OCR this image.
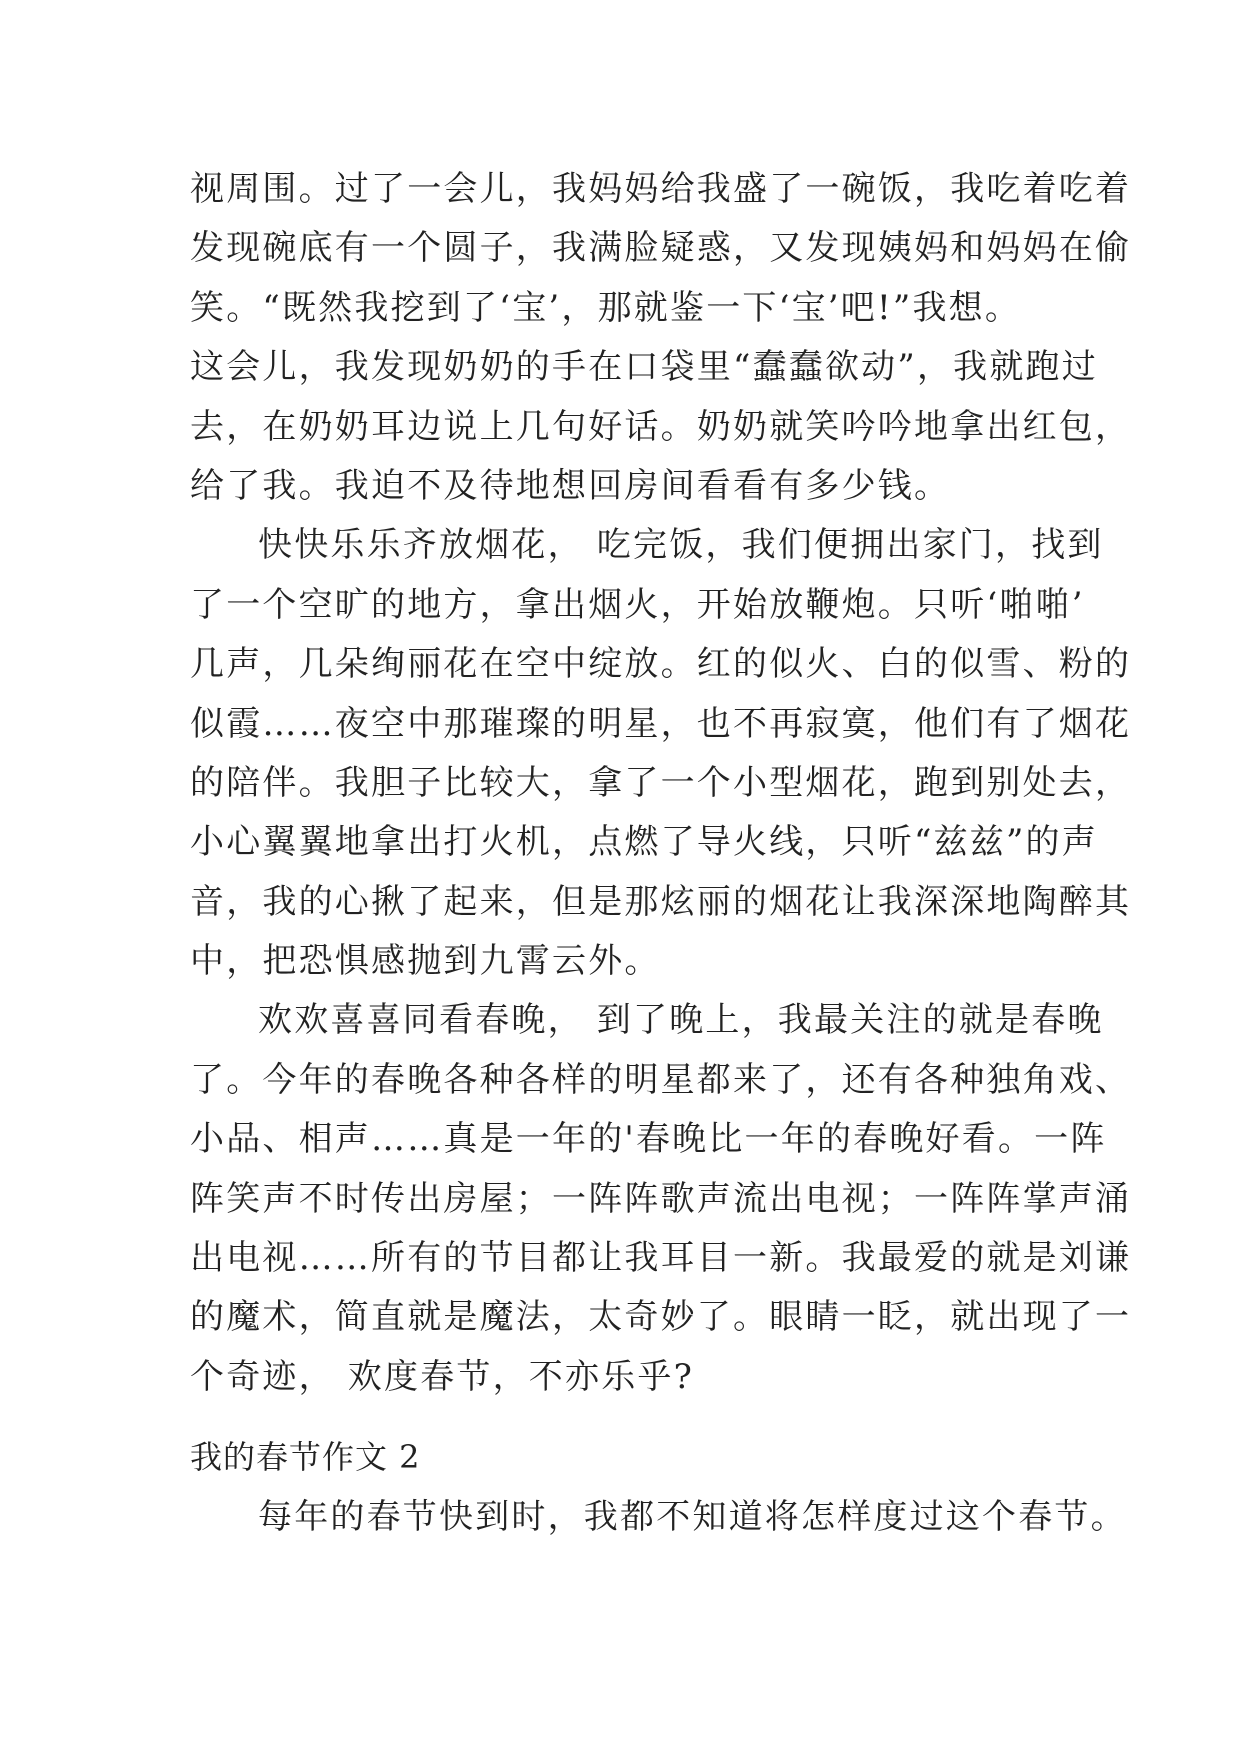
视周围。过了一会儿，我妈妈给我盛了一碗饭，我吃着吃着
发现碗底有一个圆子，我满脸疑惑，又发现姨妈和妈妈在偷
笑。“既然我挖到了‘宝’，那就鉴一下‘宝’吧!”我想。
这会儿，我发现奶奶的手在口袋里“蠢蠢欲动”，我就跑过
去，在奶奶耳边说上几句好话。奶奶就笑吟吟地拿出红包，
给了我。我迫不及待地想回房间看看有多少钱。
快快乐乐齐放烟花， 吃完饭，我们便拥出家门，找到
了一个空旷的地方，拿出烟火，开始放鞭炮。只听‘啪啪’
几声，几朵绚丽花在空中绽放。红的似火、白的似雪、粉的
似霞……夜空中那璀璨的明星，也不再寂寞，他们有了烟花
的陪伴。我胆子比较大，拿了一个小型烟花，跑到别处去，
小心翼翼地拿出打火机，点燃了导火线，只听“兹兹”的声
音，我的心揪了起来，但是那炫丽的烟花让我深深地陶醉其
中，把恐惧感抛到九霄云外。
欢欢喜喜同看春晚， 到了晚上，我最关注的就是春晚
了。今年的春晚各种各样的明星都来了，还有各种独角戏、
小品、相声……真是一年的'春晚比一年的春晚好看。一阵
阵笑声不时传出房屋；一阵阵歌声流出电视；一阵阵掌声涌
出电视……所有的节目都让我耳目一新。我最爱的就是刘谦
的魔术，简直就是魔法，太奇妙了。眼睛一眨，就出现了一
个奇迹， 欢度春节，不亦乐乎?
我的春节作文 2
每年的春节快到时，我都不知道将怎样度过这个春节。
